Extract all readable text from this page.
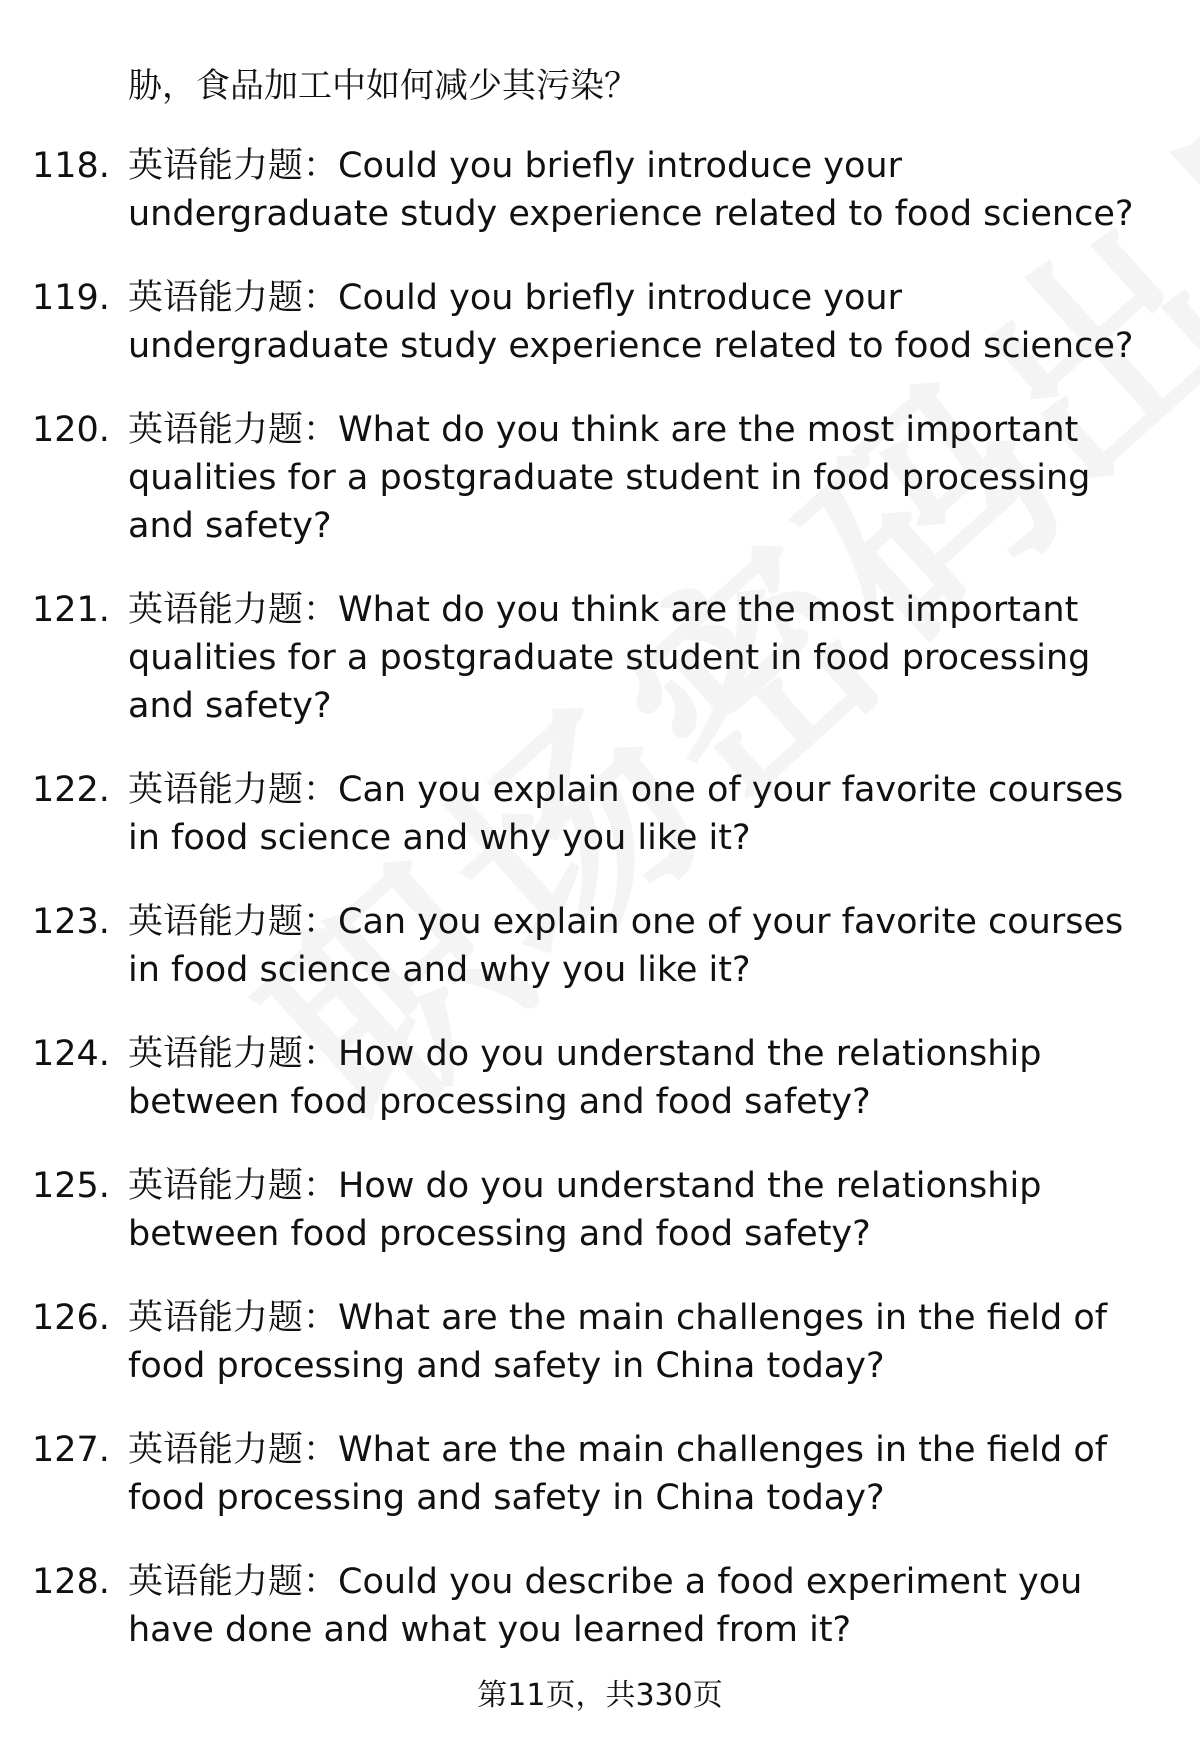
胁，食品加工中如何减少其污染？
118. 英语能力题：Could you briefly introduce your undergraduate study experience related to food science?
119. 英语能力题：Could you briefly introduce your undergraduate study experience related to food science?
120. 英语能力题：What do you think are the most important qualities for a postgraduate student in food processing and safety?
121. 英语能力题：What do you think are the most important qualities for a postgraduate student in food processing and safety?
122. 英语能力题：Can you explain one of your favorite courses in food science and why you like it?
123. 英语能力题：Can you explain one of your favorite courses in food science and why you like it?
124. 英语能力题：How do you understand the relationship between food processing and food safety?
125. 英语能力题：How do you understand the relationship between food processing and food safety?
126. 英语能力题：What are the main challenges in the field of food processing and safety in China today?
127. 英语能力题：What are the main challenges in the field of food processing and safety in China today?
128. 英语能力题：Could you describe a food experiment you have done and what you learned from it?
第11页，共330页
